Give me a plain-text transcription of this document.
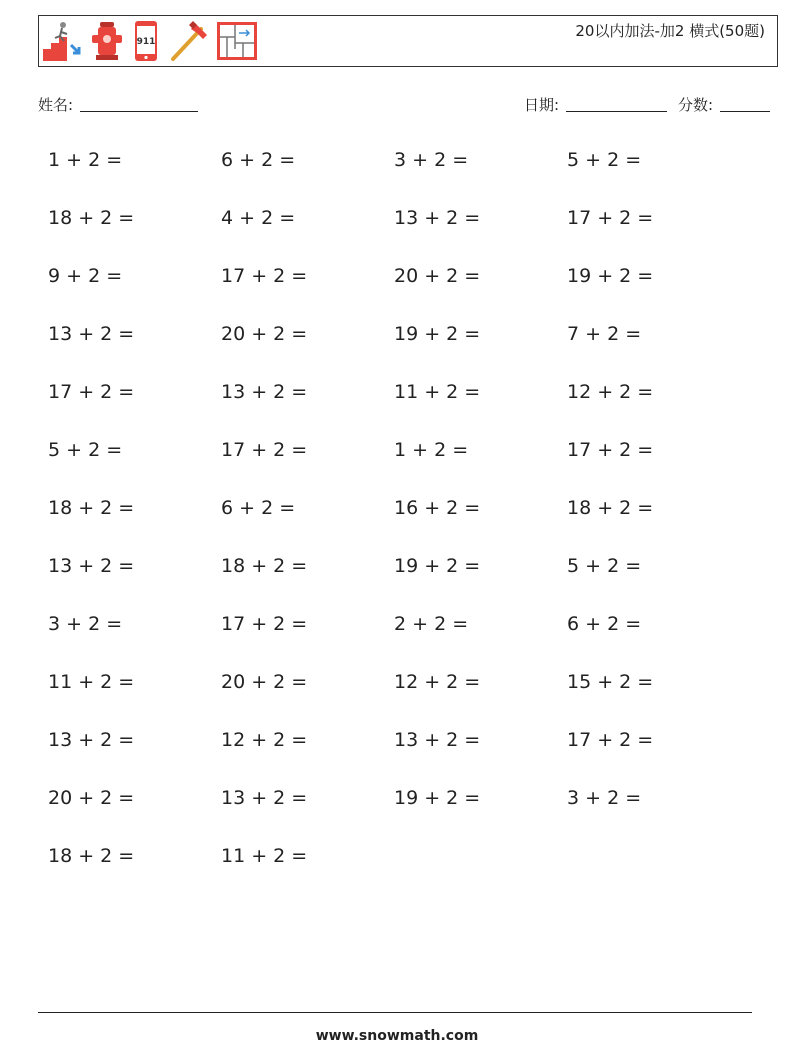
911
20以内加法-加2 横式(50题)
姓名:	日期:	分数:
1 + 2 =	6 + 2 =	3 + 2 =	5 + 2 =
18 + 2 =	4 + 2 =	13 + 2 =	17 + 2 =
9 + 2 =	17 + 2 =	20 + 2 =	19 + 2 =
13 + 2 =	20 + 2 =	19 + 2 =	7 + 2 =
17 + 2 =	13 + 2 =	11 + 2 =	12 + 2 =
5 + 2 =	17 + 2 =	1 + 2 =	17 + 2 =
18 + 2 =	6 + 2 =	16 + 2 =	18 + 2 =
13 + 2 =	18 + 2 =	19 + 2 =	5 + 2 =
3 + 2 =	17 + 2 =	2 + 2 =	6 + 2 =
11 + 2 =	20 + 2 =	12 + 2 =	15 + 2 =
13 + 2 =	12 + 2 =	13 + 2 =	17 + 2 =
20 + 2 =	13 + 2 =	19 + 2 =	3 + 2 =
18 + 2 =	11 + 2 =
www.snowmath.com
